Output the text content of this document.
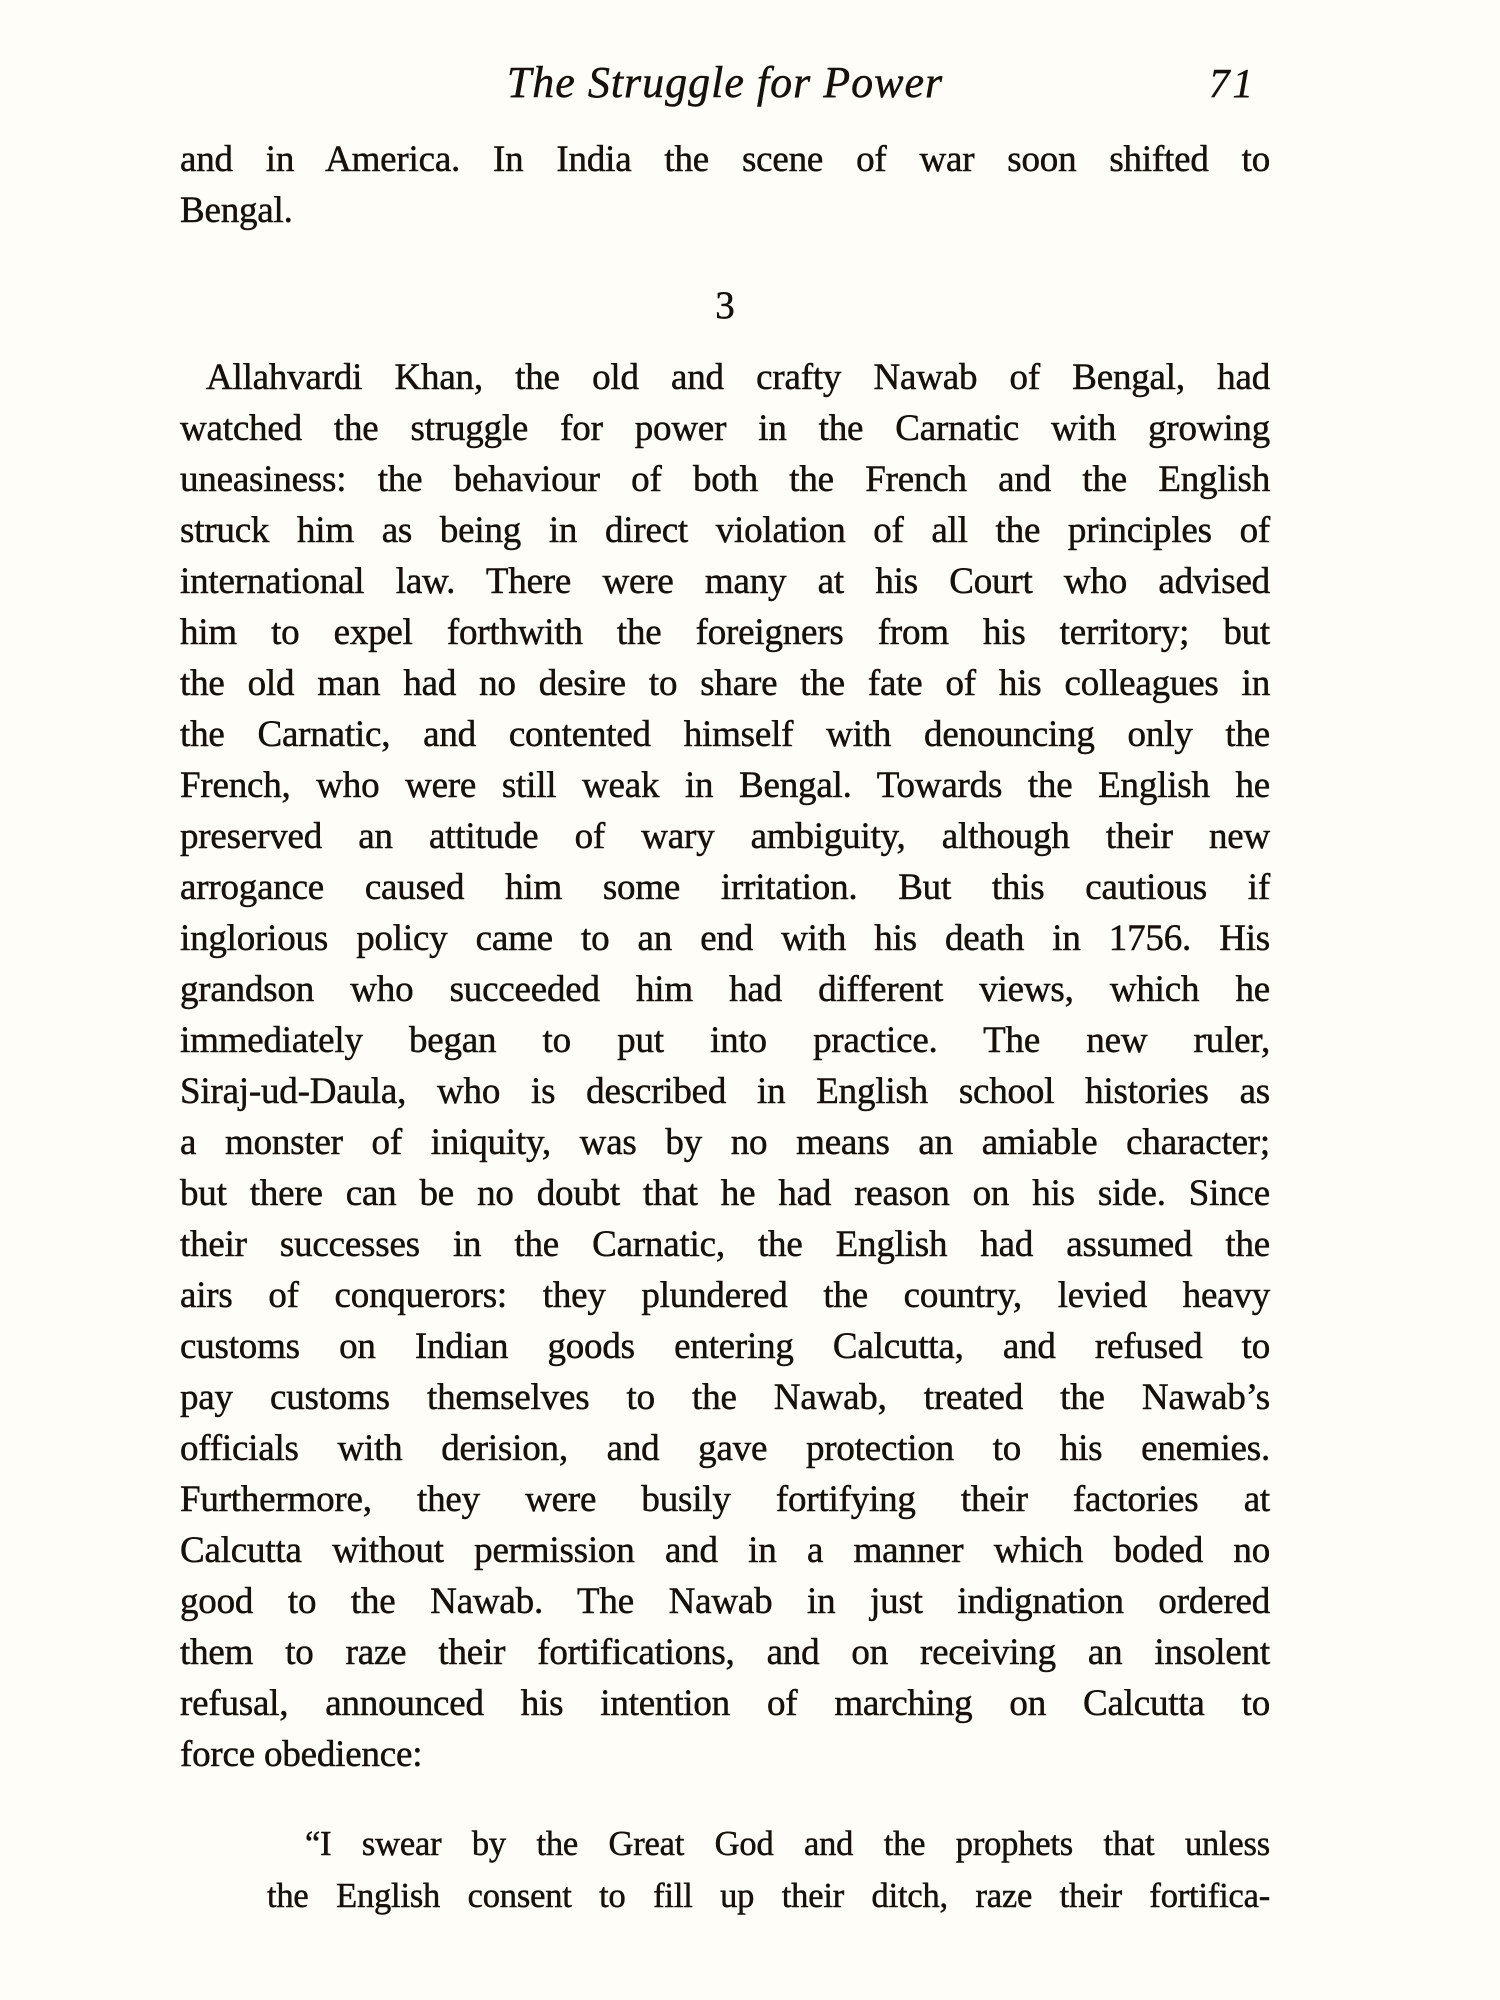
The Struggle for Power	71
and in America. In India the scene of war soon shifted to
Bengal.
3
Allahvardi Khan, the old and crafty Nawab of Bengal, had
watched the struggle for power in the Carnatic with growing
uneasiness: the behaviour of both the French and the English
struck him as being in direct violation of all the principles of
international law. There were many at his Court who advised
him to expel forthwith the foreigners from his territory; but
the old man had no desire to share the fate of his colleagues in
the Carnatic, and contented himself with denouncing only the
French, who were still weak in Bengal. Towards the English he
preserved an attitude of wary ambiguity, although their new
arrogance caused him some irritation. But this cautious if
inglorious policy came to an end with his death in 1756. His
grandson who succeeded him had different views, which he
immediately began to put into practice. The new ruler,
Siraj-ud-Daula, who is described in English school histories as
a monster of iniquity, was by no means an amiable character;
but there can be no doubt that he had reason on his side. Since
their successes in the Carnatic, the English had assumed the
airs of conquerors: they plundered the country, levied heavy
customs on Indian goods entering Calcutta, and refused to
pay customs themselves to the Nawab, treated the Nawab’s
officials with derision, and gave protection to his enemies.
Furthermore, they were busily fortifying their factories at
Calcutta without permission and in a manner which boded no
good to the Nawab. The Nawab in just indignation ordered
them to raze their fortifications, and on receiving an insolent
refusal, announced his intention of marching on Calcutta to
force obedience:
“I swear by the Great God and the prophets that unless
the English consent to fill up their ditch, raze their fortifica-
